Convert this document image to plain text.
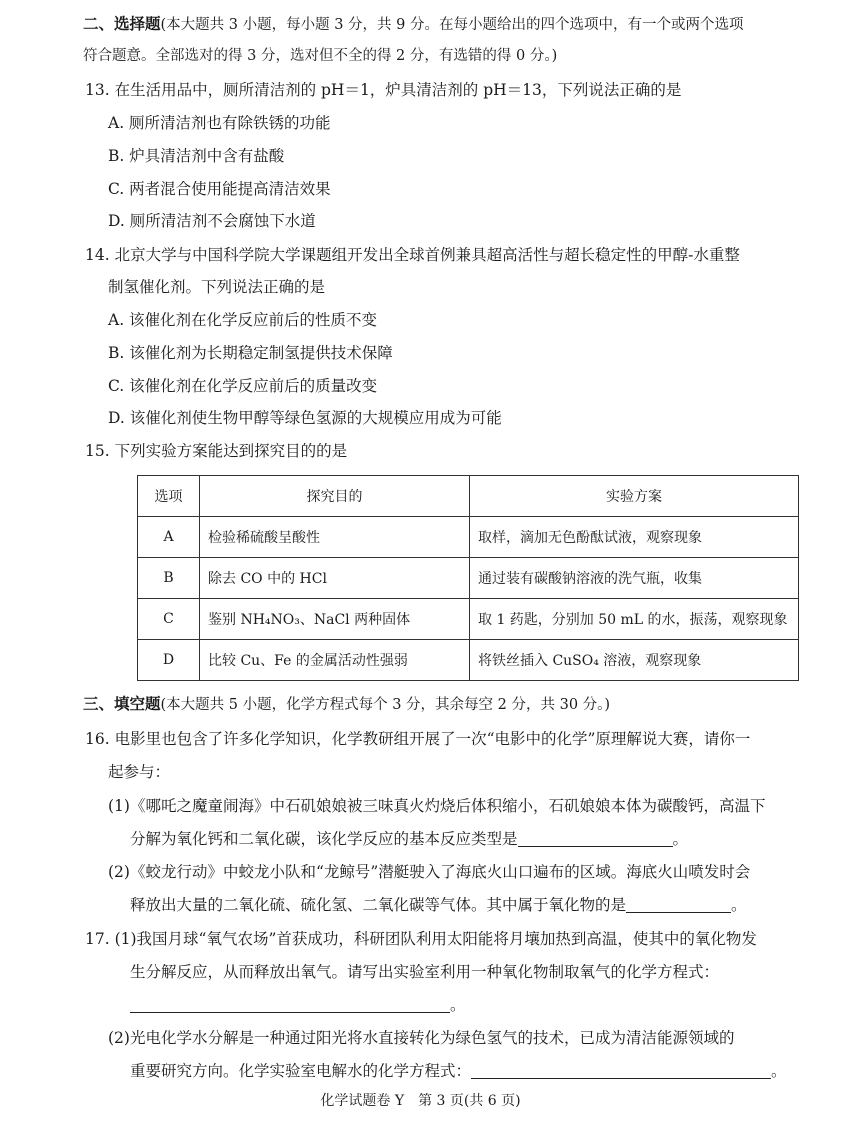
二、选择题(本大题共 3 小题，每小题 3 分，共 9 分。在每小题给出的四个选项中，有一个或两个选项
符合题意。全部选对的得 3 分，选对但不全的得 2 分，有选错的得 0 分。)
13. 在生活用品中，厕所清洁剂的 pH＝1，炉具清洁剂的 pH＝13，下列说法正确的是
A. 厕所清洁剂也有除铁锈的功能
B. 炉具清洁剂中含有盐酸
C. 两者混合使用能提高清洁效果
D. 厕所清洁剂不会腐蚀下水道
14. 北京大学与中国科学院大学课题组开发出全球首例兼具超高活性与超长稳定性的甲醇-水重整
制氢催化剂。下列说法正确的是
A. 该催化剂在化学反应前后的性质不变
B. 该催化剂为长期稳定制氢提供技术保障
C. 该催化剂在化学反应前后的质量改变
D. 该催化剂使生物甲醇等绿色氢源的大规模应用成为可能
15. 下列实验方案能达到探究目的的是
选项	探究目的	实验方案
A	检验稀硫酸呈酸性	取样，滴加无色酚酞试液，观察现象
B	除去 CO 中的 HCl	通过装有碳酸钠溶液的洗气瓶，收集
C	鉴别 NH₄NO₃、NaCl 两种固体	取 1 药匙，分别加 50 mL 的水，振荡，观察现象
D	比较 Cu、Fe 的金属活动性强弱	将铁丝插入 CuSO₄ 溶液，观察现象
三、填空题(本大题共 5 小题，化学方程式每个 3 分，其余每空 2 分，共 30 分。)
16. 电影里也包含了许多化学知识，化学教研组开展了一次“电影中的化学”原理解说大赛，请你一
起参与：
(1)《哪吒之魔童闹海》中石矶娘娘被三味真火灼烧后体积缩小，石矶娘娘本体为碳酸钙，高温下
分解为氧化钙和二氧化碳，该化学反应的基本反应类型是	。
(2)《蛟龙行动》中蛟龙小队和“龙鲸号”潜艇驶入了海底火山口遍布的区域。海底火山喷发时会
释放出大量的二氧化硫、硫化氢、二氧化碳等气体。其中属于氧化物的是	。
17. (1)我国月球“氧气农场”首获成功，科研团队利用太阳能将月壤加热到高温，使其中的氧化物发
生分解反应，从而释放出氧气。请写出实验室利用一种氧化物制取氧气的化学方程式：
。
(2)光电化学水分解是一种通过阳光将水直接转化为绿色氢气的技术，已成为清洁能源领域的
重要研究方向。化学实验室电解水的化学方程式：	。
化学试题卷 Y　第 3 页(共 6 页)
